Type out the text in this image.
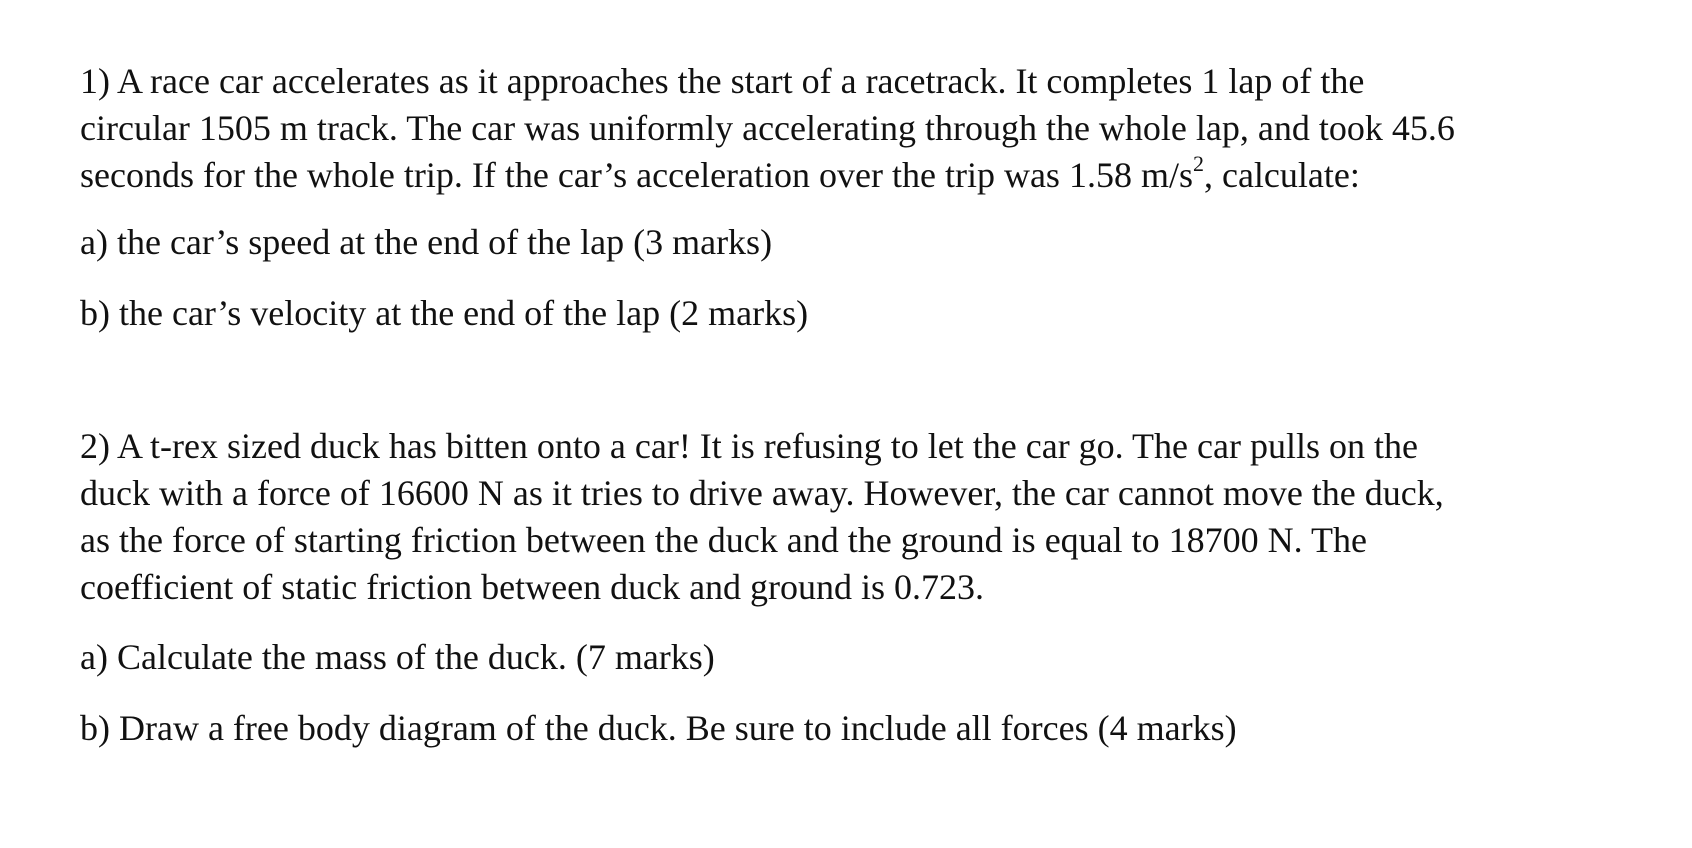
1) A race car accelerates as it approaches the start of a racetrack. It completes 1 lap of the
circular 1505 m track. The car was uniformly accelerating through the whole lap, and took 45.6
seconds for the whole trip. If the car’s acceleration over the trip was 1.58 $m/s^2$, calculate:

a) the car’s speed at the end of the lap (3 marks)

b) the car’s velocity at the end of the lap (2 marks)

2) A t-rex sized duck has bitten onto a car! It is refusing to let the car go. The car pulls on the
duck with a force of 16600 N as it tries to drive away. However, the car cannot move the duck,
as the force of starting friction between the duck and the ground is equal to 18700 N. The
coefficient of static friction between duck and ground is 0.723.

a) Calculate the mass of the duck. (7 marks)

b) Draw a free body diagram of the duck. Be sure to include all forces (4 marks)
